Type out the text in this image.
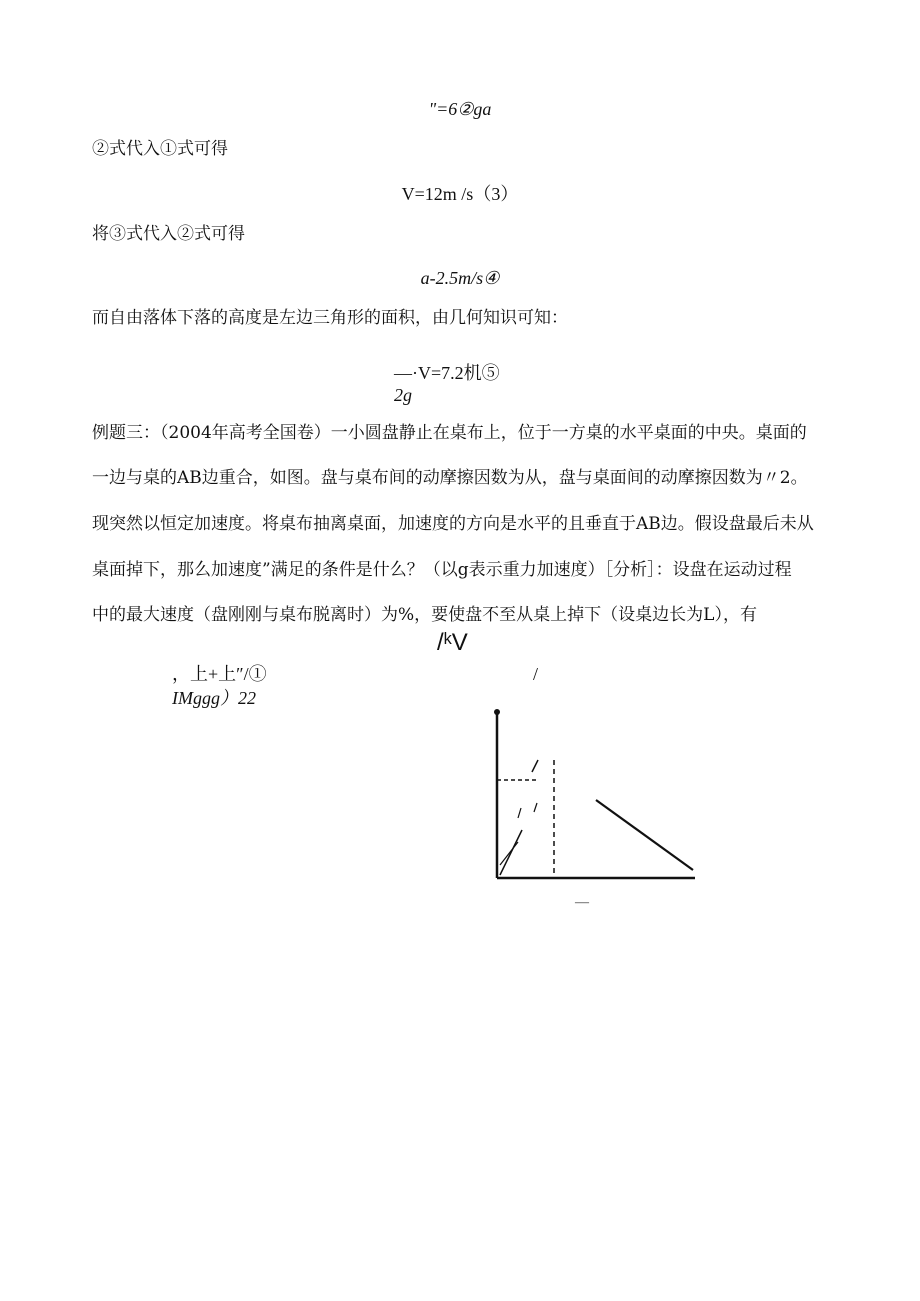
"=6②ga
②式代入①式可得
V=12m /s（3）
将③式代入②式可得
a-2.5m/s④
而自由落体下落的高度是左边三角形的面积，由几何知识可知：
—·V=7.2机⑤
2g
例题三：（2004年高考全国卷）一小圆盘静止在桌布上，位于一方桌的水平桌面的中央。桌面的
一边与桌的AB边重合，如图。盘与桌布间的动摩擦因数为从，盘与桌面间的动摩擦因数为〃2。
现突然以恒定加速度。将桌布抽离桌面，加速度的方向是水平的且垂直于AB边。假设盘最后未从
桌面掉下，那么加速度”满足的条件是什么？（以g表示重力加速度）［分析］：设盘在运动过程
中的最大速度（盘刚刚与桌布脱离时）为%，要使盘不至从桌上掉下（设桌边长为L），有
/ᵏV
，上+上″/①	/
IMggg）22
—
